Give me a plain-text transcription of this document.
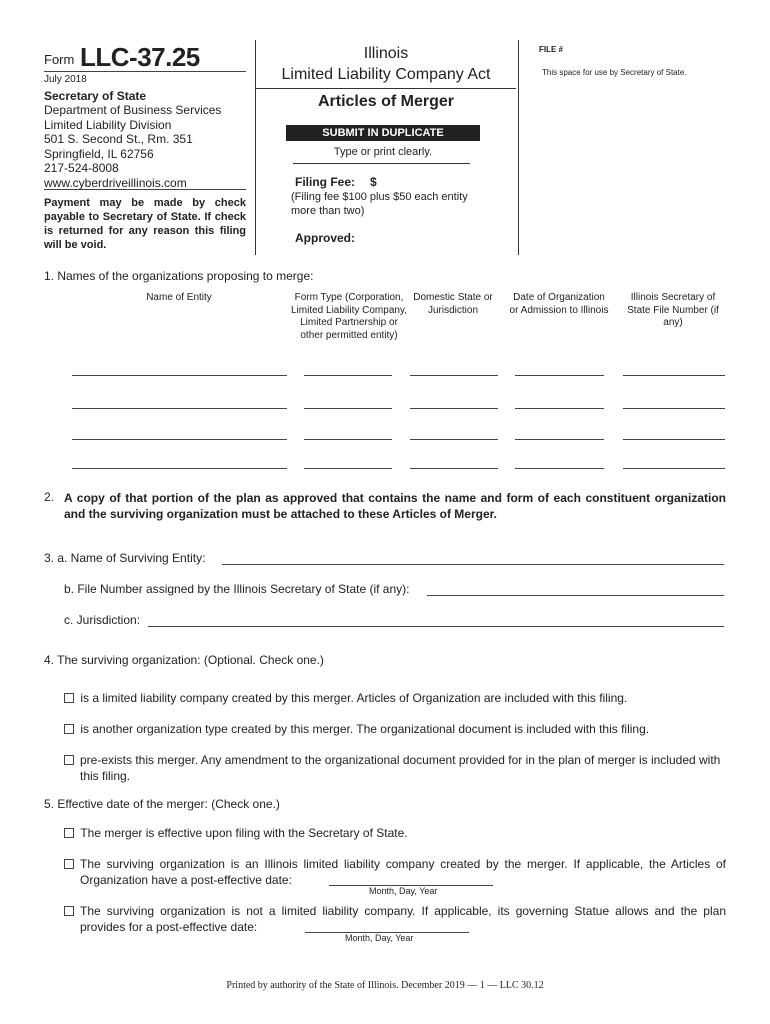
Form LLC-37.25
July 2018
Secretary of State
Department of Business Services
Limited Liability Division
501 S. Second St., Rm. 351
Springfield, IL 62756
217-524-8008
www.cyberdriveillinois.com
Payment may be made by check payable to Secretary of State. If check is returned for any reason this filing will be void.
Illinois
Limited Liability Company Act
Articles of Merger
SUBMIT IN DUPLICATE
Type or print clearly.
Filing Fee: $
(Filing fee $100 plus $50 each entity more than two)
Approved:
FILE #
This space for use by Secretary of State.
1. Names of the organizations proposing to merge:
Name of Entity	Form Type (Corporation, Limited Liability Company, Limited Partnership or other permitted entity)
Domestic State or Jurisdiction
Date of Organization or Admission to Illinois
Illinois Secretary of State File Number (if any)
2. A copy of that portion of the plan as approved that contains the name and form of each constituent organization and the surviving organization must be attached to these Articles of Merger.
3. a. Name of Surviving Entity:
b. File Number assigned by the Illinois Secretary of State (if any):
c. Jurisdiction:
4. The surviving organization: (Optional. Check one.)
is a limited liability company created by this merger. Articles of Organization are included with this filing.
is another organization type created by this merger. The organizational document is included with this filing.
pre-exists this merger. Any amendment to the organizational document provided for in the plan of merger is included with this filing.
5. Effective date of the merger: (Check one.)
The merger is effective upon filing with the Secretary of State.
The surviving organization is an Illinois limited liability company created by the merger. If applicable, the Articles of Organization have a post-effective date:
Month, Day, Year
The surviving organization is not a limited liability company. If applicable, its governing Statue allows and the plan provides for a post-effective date:
Month, Day, Year
Printed by authority of the State of Illinois. December 2019 — 1 — LLC 30.12
